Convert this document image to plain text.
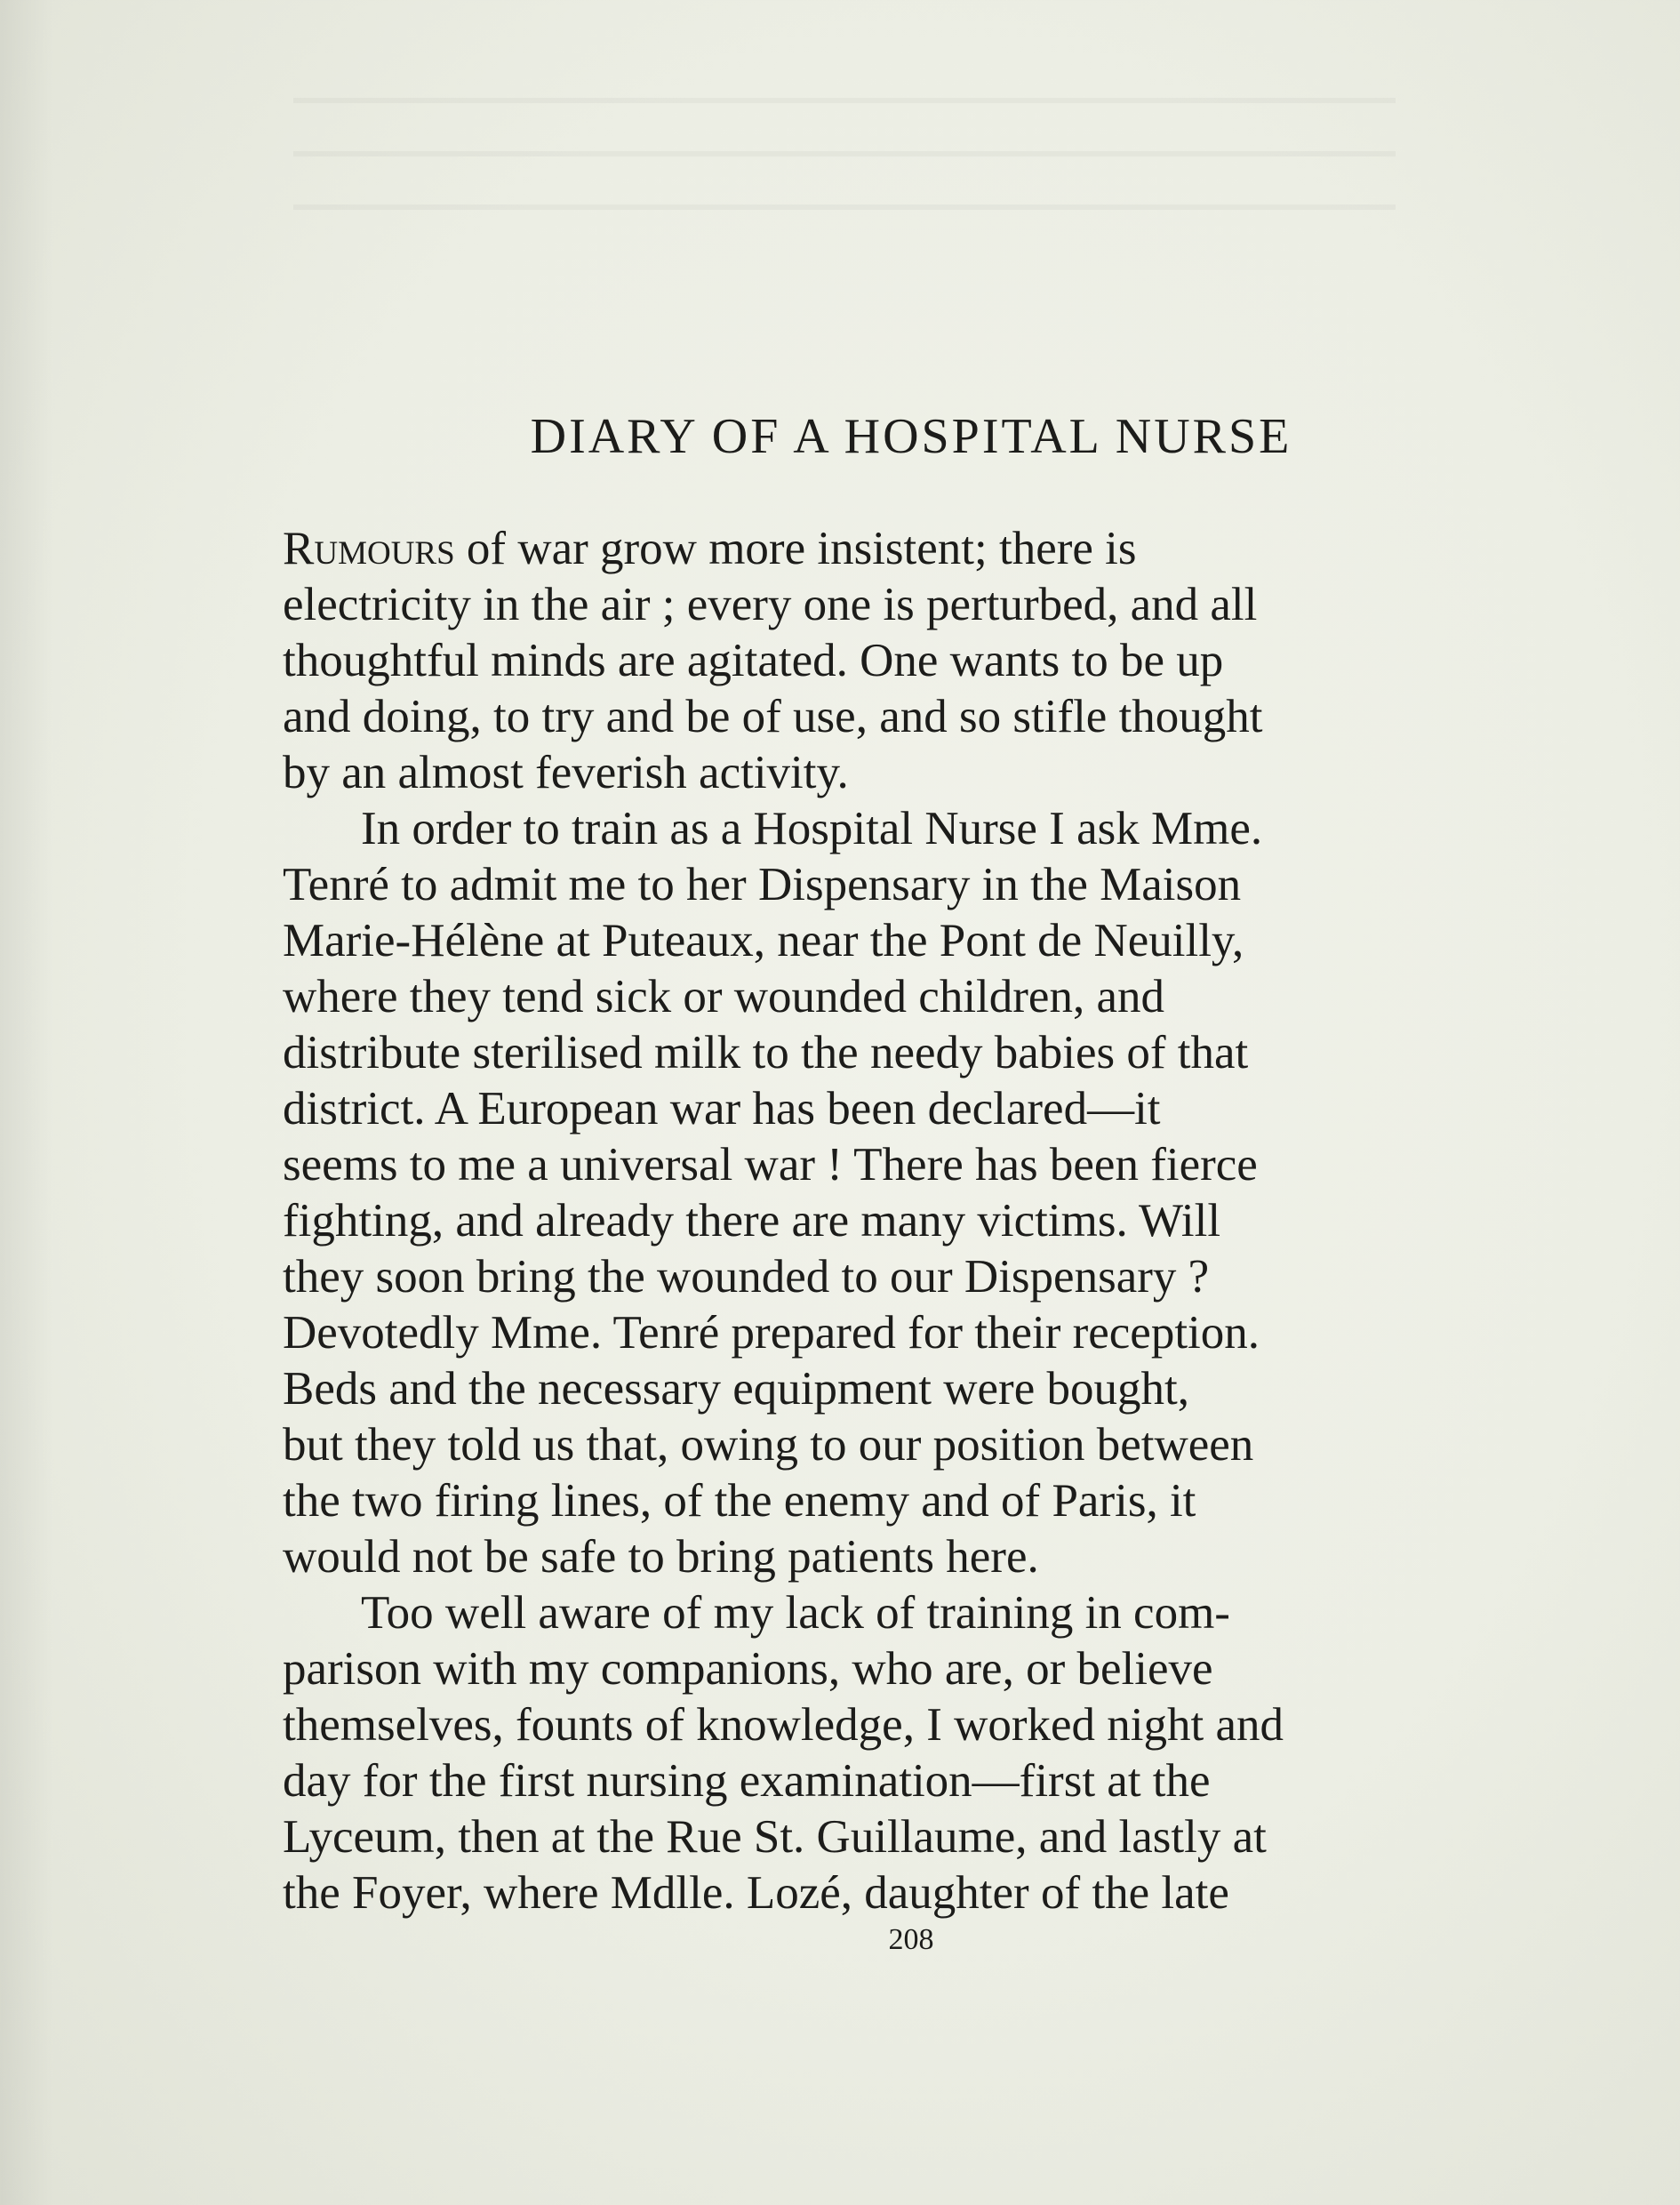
DIARY OF A HOSPITAL NURSE
Rumours of war grow more insistent; there is
electricity in the air ; every one is perturbed, and all
thoughtful minds are agitated. One wants to be up
and doing, to try and be of use, and so stifle thought
by an almost feverish activity.
In order to train as a Hospital Nurse I ask Mme.
Tenré to admit me to her Dispensary in the Maison
Marie-Hélène at Puteaux, near the Pont de Neuilly,
where they tend sick or wounded children, and
distribute sterilised milk to the needy babies of that
district. A European war has been declared—it
seems to me a universal war ! There has been fierce
fighting, and already there are many victims. Will
they soon bring the wounded to our Dispensary ?
Devotedly Mme. Tenré prepared for their reception.
Beds and the necessary equipment were bought,
but they told us that, owing to our position between
the two firing lines, of the enemy and of Paris, it
would not be safe to bring patients here.
Too well aware of my lack of training in com-
parison with my companions, who are, or believe
themselves, founts of knowledge, I worked night and
day for the first nursing examination—first at the
Lyceum, then at the Rue St. Guillaume, and lastly at
the Foyer, where Mdlle. Lozé, daughter of the late
208
